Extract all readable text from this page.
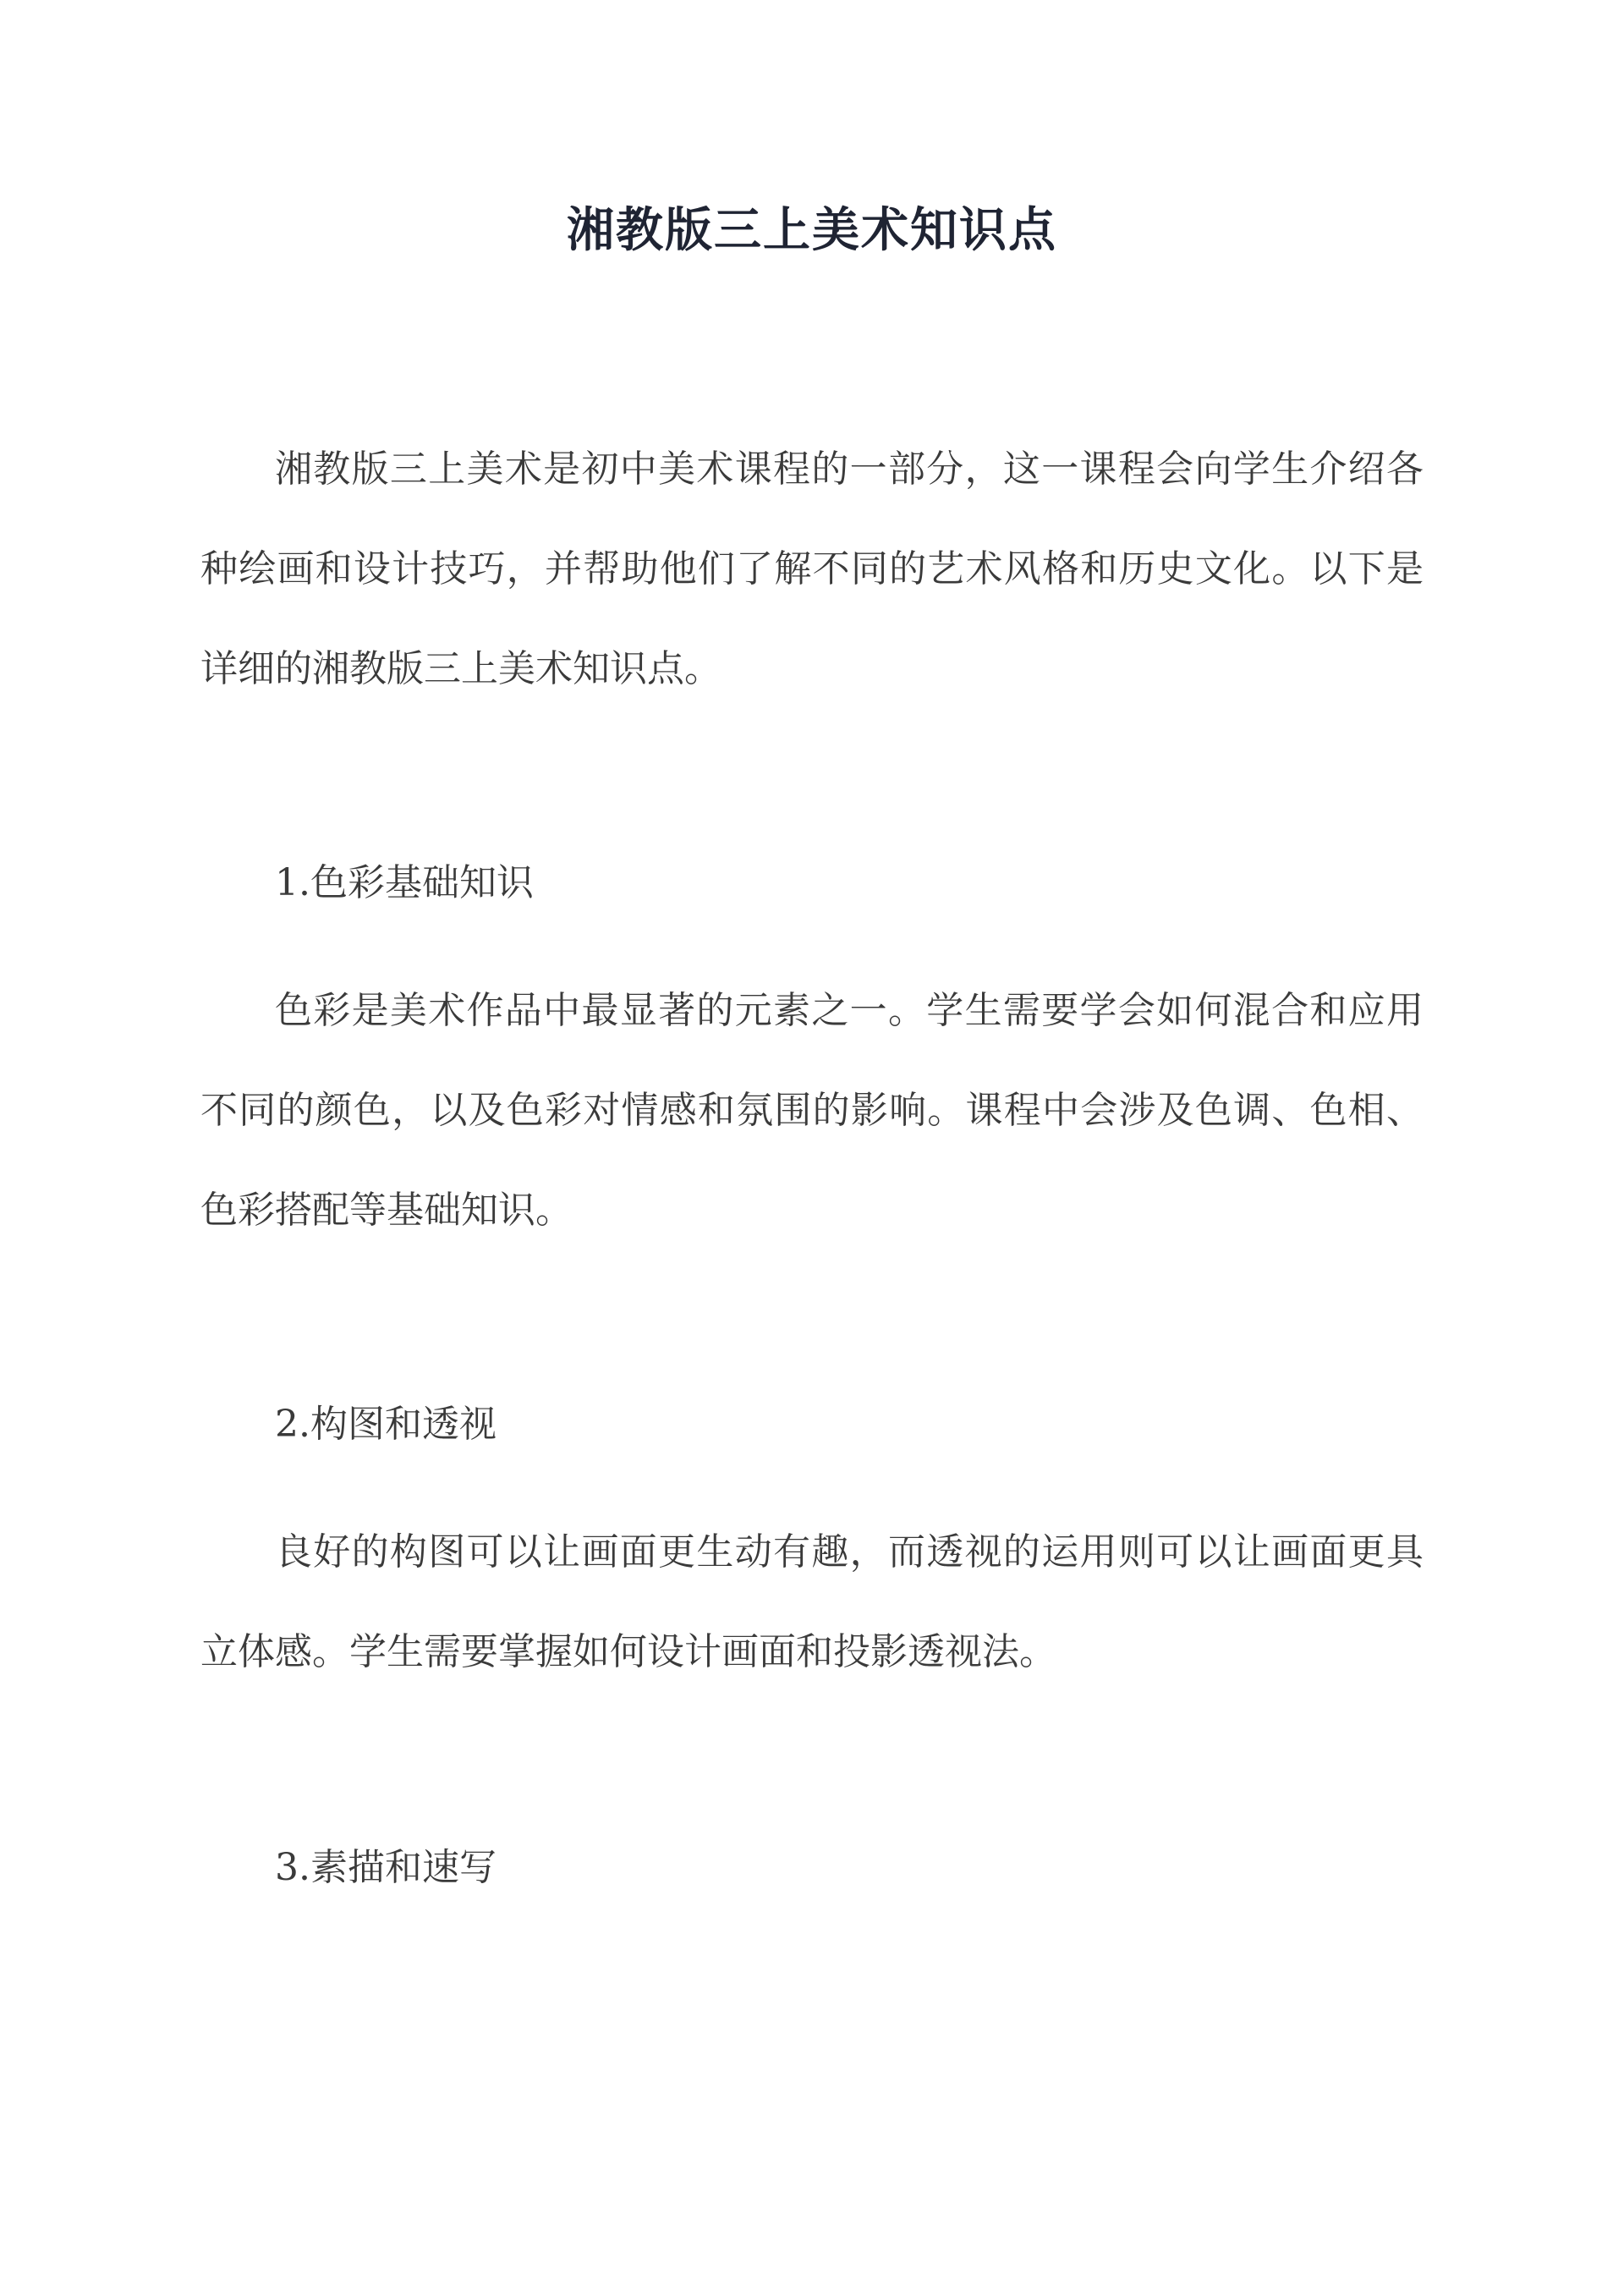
湘教版三上美术知识点

湘教版三上美术是初中美术课程的一部分，这一课程会向学生介绍各种绘画和设计技巧，并帮助他们了解不同的艺术风格和历史文化。以下是详细的湘教版三上美术知识点。

1.色彩基础知识

色彩是美术作品中最显著的元素之一。学生需要学会如何混合和应用不同的颜色，以及色彩对情感和氛围的影响。课程中会涉及色调、色相、色彩搭配等基础知识。

2.构图和透视

良好的构图可以让画面更生动有趣，而透视的运用则可以让画面更具立体感。学生需要掌握如何设计画面和投影透视法。

3.素描和速写
